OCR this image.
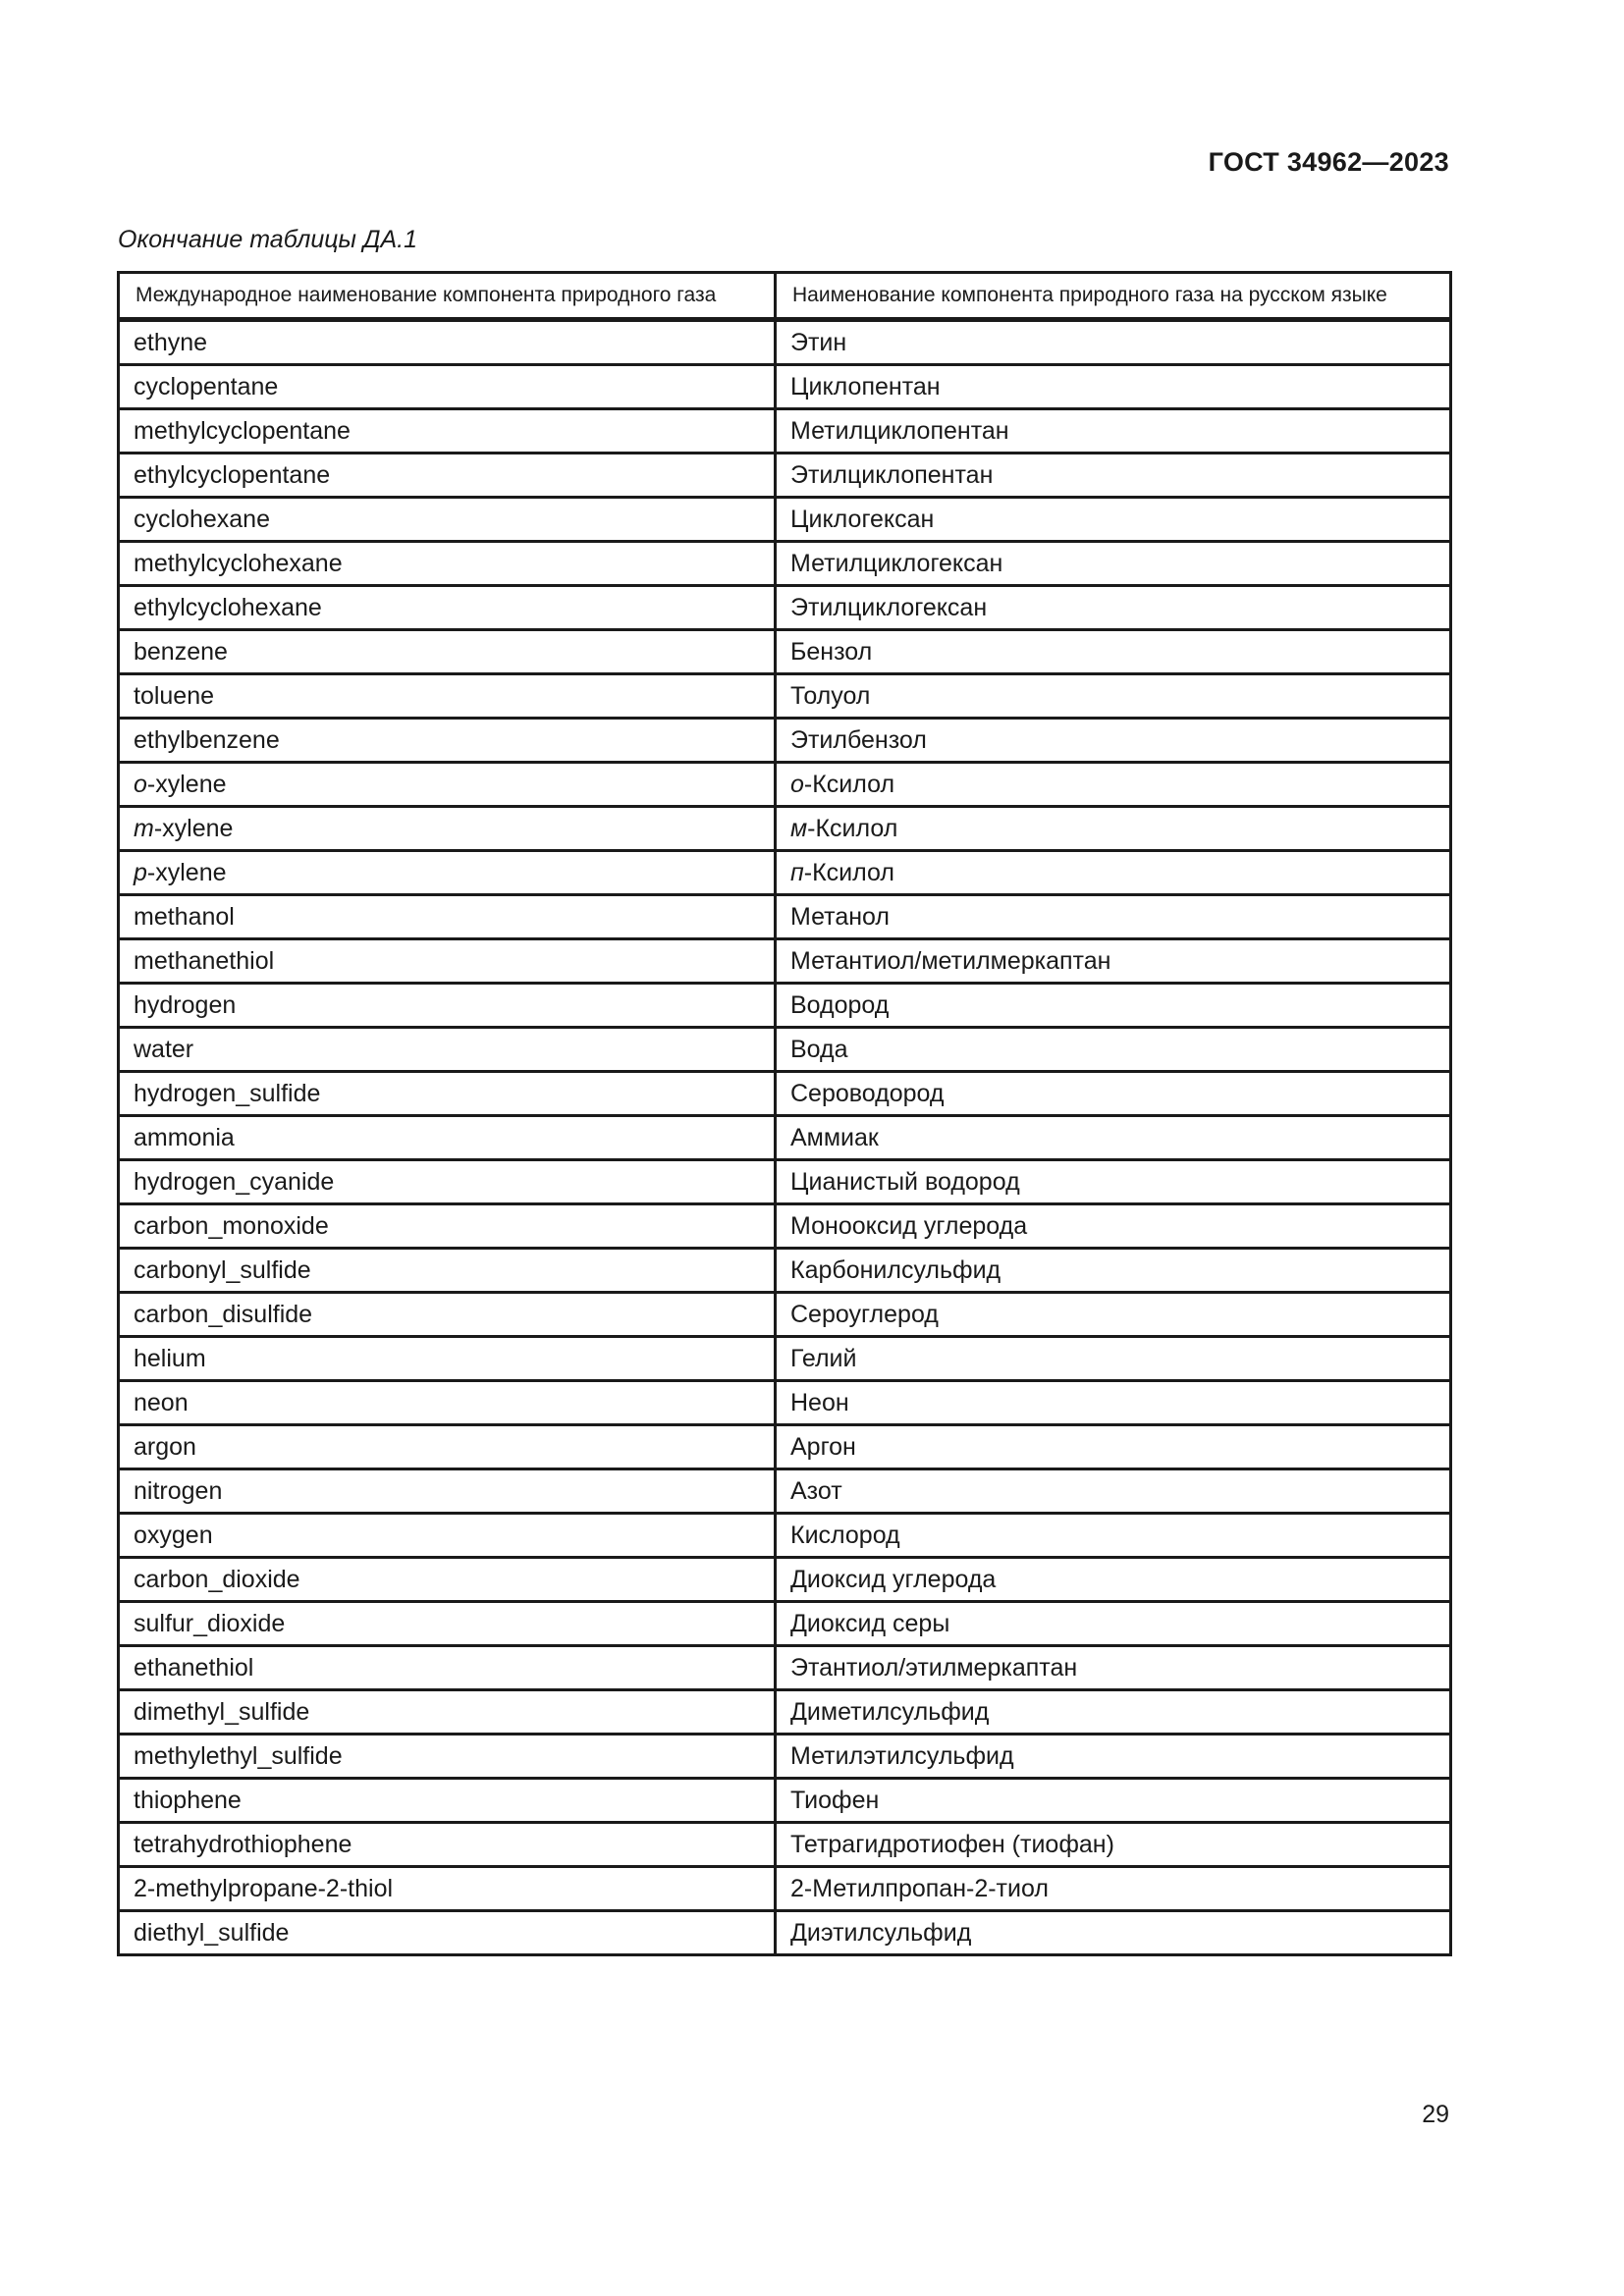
ГОСТ 34962—2023
Окончание таблицы ДА.1
Международное наименование компонента природного газа	Наименование компонента природного газа на русском языке
ethyne	Этин
cyclopentane	Циклопентан
methylcyclopentane	Метилциклопентан
ethylcyclopentane	Этилциклопентан
cyclohexane	Циклогексан
methylcyclohexane	Метилциклогексан
ethylcyclohexane	Этилциклогексан
benzene	Бензол
toluene	Толуол
ethylbenzene	Этилбензол
o-xylene	о-Ксилол
m-xylene	м-Ксилол
p-xylene	п-Ксилол
methanol	Метанол
methanethiol	Метантиол/метилмеркаптан
hydrogen	Водород
water	Вода
hydrogen_sulfide	Сероводород
ammonia	Аммиак
hydrogen_cyanide	Цианистый водород
carbon_monoxide	Монооксид углерода
carbonyl_sulfide	Карбонилсульфид
carbon_disulfide	Сероуглерод
helium	Гелий
neon	Неон
argon	Аргон
nitrogen	Азот
oxygen	Кислород
carbon_dioxide	Диоксид углерода
sulfur_dioxide	Диоксид серы
ethanethiol	Этантиол/этилмеркаптан
dimethyl_sulfide	Диметилсульфид
methylethyl_sulfide	Метилэтилсульфид
thiophene	Тиофен
tetrahydrothiophene	Тетрагидротиофен (тиофан)
2-methylpropane-2-thiol	2-Метилпропан-2-тиол
diethyl_sulfide	Диэтилсульфид
29
